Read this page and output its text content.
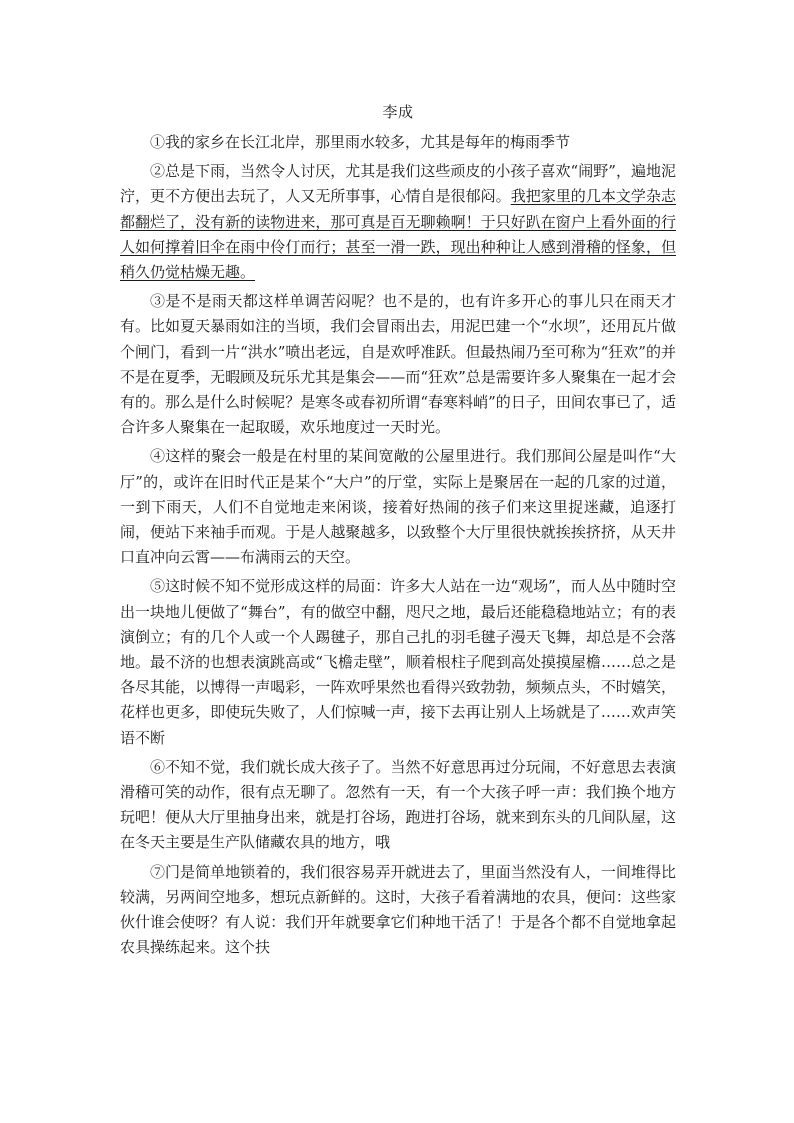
李成

①我的家乡在长江北岸，那里雨水较多，尤其是每年的梅雨季节

②总是下雨，当然令人讨厌，尤其是我们这些顽皮的小孩子喜欢“闹野”，遍地泥泞，更不方便出去玩了，人又无所事事，心情自是很郁闷。我把家里的几本文学杂志都翻烂了，没有新的读物进来，那可真是百无聊赖啊！于只好趴在窗户上看外面的行人如何撑着旧伞在雨中伶仃而行；甚至一滑一跌，现出种种让人感到滑稽的怪象，但稍久仍觉枯燥无趣。

③是不是雨天都这样单调苦闷呢？也不是的，也有许多开心的事儿只在雨天才有。比如夏天暴雨如注的当顷，我们会冒雨出去，用泥巴建一个“水坝”，还用瓦片做个闸门，看到一片“洪水”喷出老远，自是欢呼准跃。但最热闹乃至可称为“狂欢”的并不是在夏季，无暇顾及玩乐尤其是集会——而“狂欢”总是需要许多人聚集在一起才会有的。那么是什么时候呢？是寒冬或春初所谓“春寒料峭”的日子，田间农事已了，适合许多人聚集在一起取暖，欢乐地度过一天时光。

④这样的聚会一般是在村里的某间宽敞的公屋里进行。我们那间公屋是叫作“大厅”的，或许在旧时代正是某个“大户”的厅堂，实际上是聚居在一起的几家的过道，一到下雨天，人们不自觉地走来闲谈，接着好热闹的孩子们来这里捉迷藏，追逐打闹，便站下来袖手而观。于是人越聚越多，以致整个大厅里很快就挨挨挤挤，从天井口直冲向云霄——布满雨云的天空。

⑤这时候不知不觉形成这样的局面：许多大人站在一边“观场”，而人丛中随时空出一块地儿便做了“舞台”，有的做空中翻，咫尺之地，最后还能稳稳地站立；有的表演倒立；有的几个人或一个人踢毽子，那自己扎的羽毛毽子漫天飞舞，却总是不会落地。最不济的也想表演跳高或“飞檐走壁”，顺着根柱子爬到高处摸摸屋檐……总之是各尽其能，以博得一声喝彩，一阵欢呼果然也看得兴致勃勃，频频点头，不时嬉笑，花样也更多，即使玩失败了，人们惊喊一声，接下去再让别人上场就是了……欢声笑语不断

⑥不知不觉，我们就长成大孩子了。当然不好意思再过分玩闹，不好意思去表演滑稽可笑的动作，很有点无聊了。忽然有一天，有一个大孩子呼一声：我们换个地方玩吧！便从大厅里抽身出来，就是打谷场，跑进打谷场，就来到东头的几间队屋，这在冬天主要是生产队储藏农具的地方，哦

⑦门是简单地锁着的，我们很容易弄开就进去了，里面当然没有人，一间堆得比较满，另两间空地多，想玩点新鲜的。这时，大孩子看着满地的农具，便问：这些家伙什谁会使呀？有人说：我们开年就要拿它们种地干活了！于是各个都不自觉地拿起农具操练起来。这个扶
